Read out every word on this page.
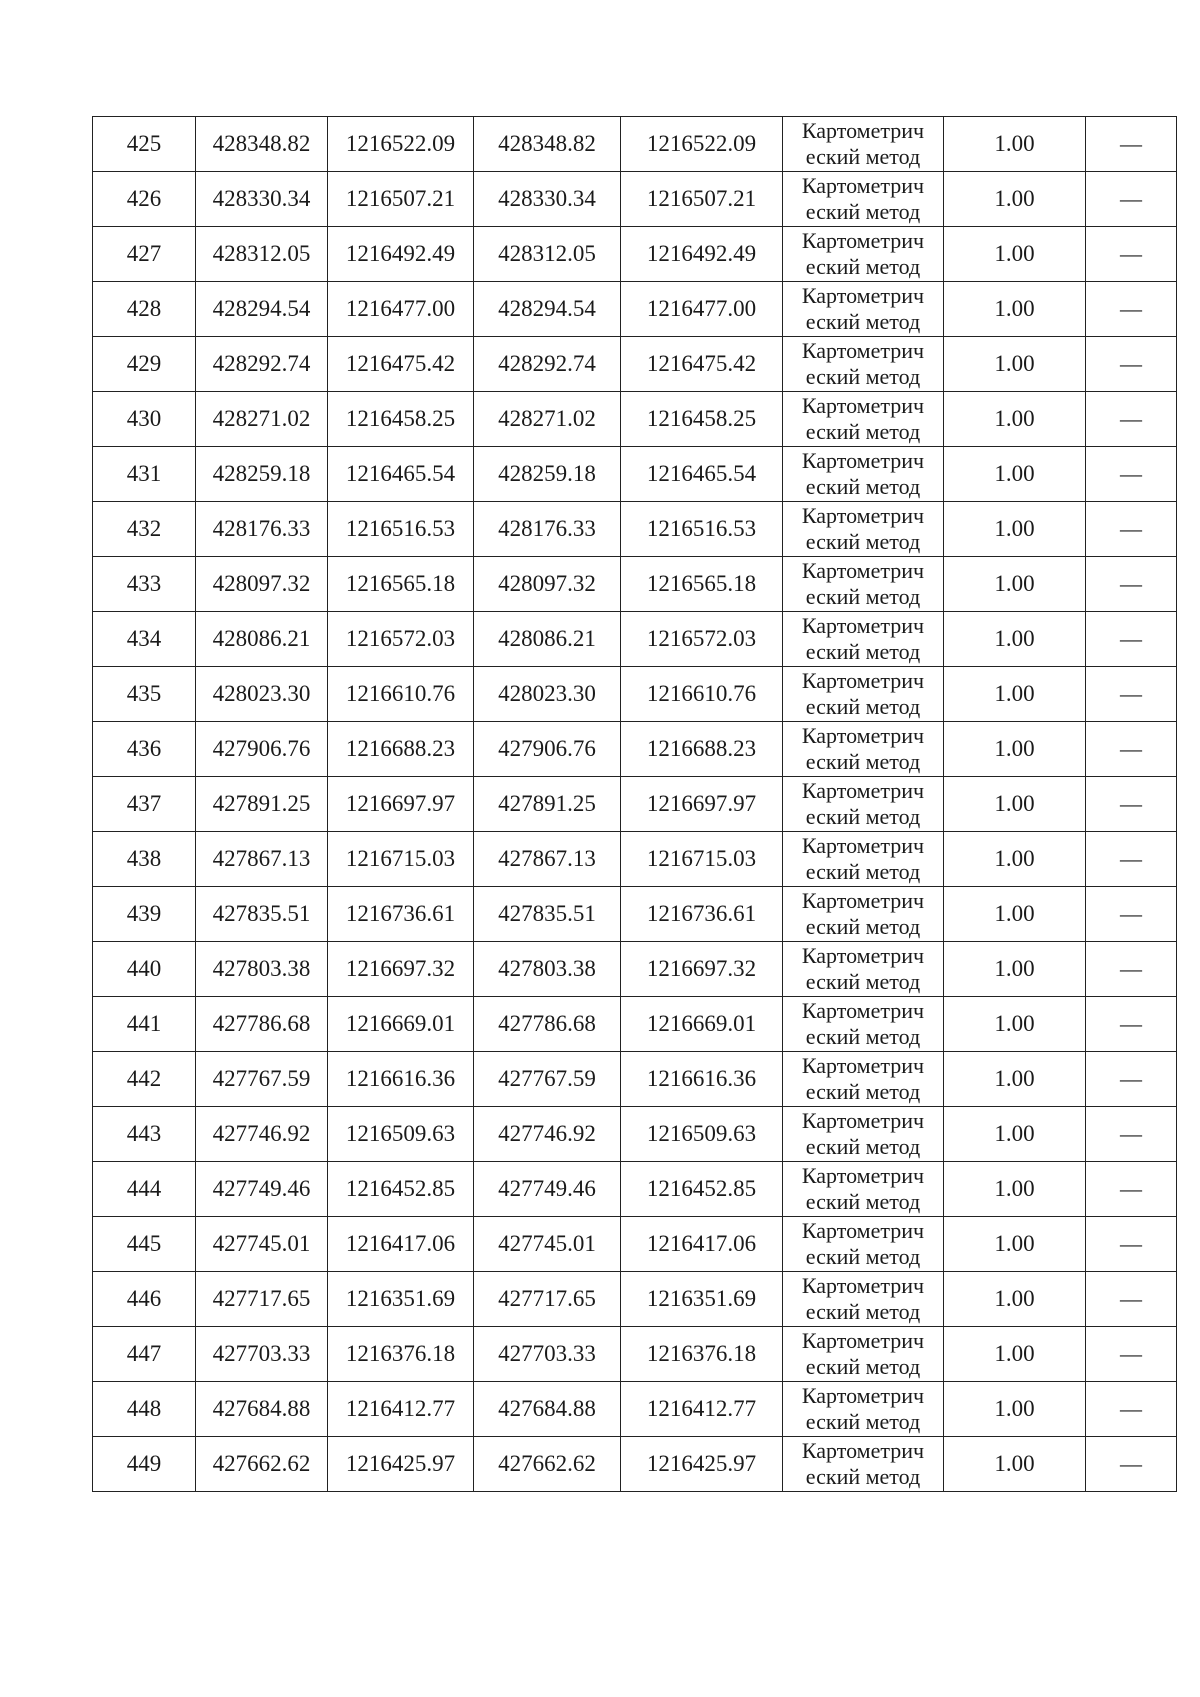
425	428348.82	1216522.09	428348.82	1216522.09	Картометрич
еский метод	1.00	—
426	428330.34	1216507.21	428330.34	1216507.21	Картометрич
еский метод	1.00	—
427	428312.05	1216492.49	428312.05	1216492.49	Картометрич
еский метод	1.00	—
428	428294.54	1216477.00	428294.54	1216477.00	Картометрич
еский метод	1.00	—
429	428292.74	1216475.42	428292.74	1216475.42	Картометрич
еский метод	1.00	—
430	428271.02	1216458.25	428271.02	1216458.25	Картометрич
еский метод	1.00	—
431	428259.18	1216465.54	428259.18	1216465.54	Картометрич
еский метод	1.00	—
432	428176.33	1216516.53	428176.33	1216516.53	Картометрич
еский метод	1.00	—
433	428097.32	1216565.18	428097.32	1216565.18	Картометрич
еский метод	1.00	—
434	428086.21	1216572.03	428086.21	1216572.03	Картометрич
еский метод	1.00	—
435	428023.30	1216610.76	428023.30	1216610.76	Картометрич
еский метод	1.00	—
436	427906.76	1216688.23	427906.76	1216688.23	Картометрич
еский метод	1.00	—
437	427891.25	1216697.97	427891.25	1216697.97	Картометрич
еский метод	1.00	—
438	427867.13	1216715.03	427867.13	1216715.03	Картометрич
еский метод	1.00	—
439	427835.51	1216736.61	427835.51	1216736.61	Картометрич
еский метод	1.00	—
440	427803.38	1216697.32	427803.38	1216697.32	Картометрич
еский метод	1.00	—
441	427786.68	1216669.01	427786.68	1216669.01	Картометрич
еский метод	1.00	—
442	427767.59	1216616.36	427767.59	1216616.36	Картометрич
еский метод	1.00	—
443	427746.92	1216509.63	427746.92	1216509.63	Картометрич
еский метод	1.00	—
444	427749.46	1216452.85	427749.46	1216452.85	Картометрич
еский метод	1.00	—
445	427745.01	1216417.06	427745.01	1216417.06	Картометрич
еский метод	1.00	—
446	427717.65	1216351.69	427717.65	1216351.69	Картометрич
еский метод	1.00	—
447	427703.33	1216376.18	427703.33	1216376.18	Картометрич
еский метод	1.00	—
448	427684.88	1216412.77	427684.88	1216412.77	Картометрич
еский метод	1.00	—
449	427662.62	1216425.97	427662.62	1216425.97	Картометрич
еский метод	1.00	—
